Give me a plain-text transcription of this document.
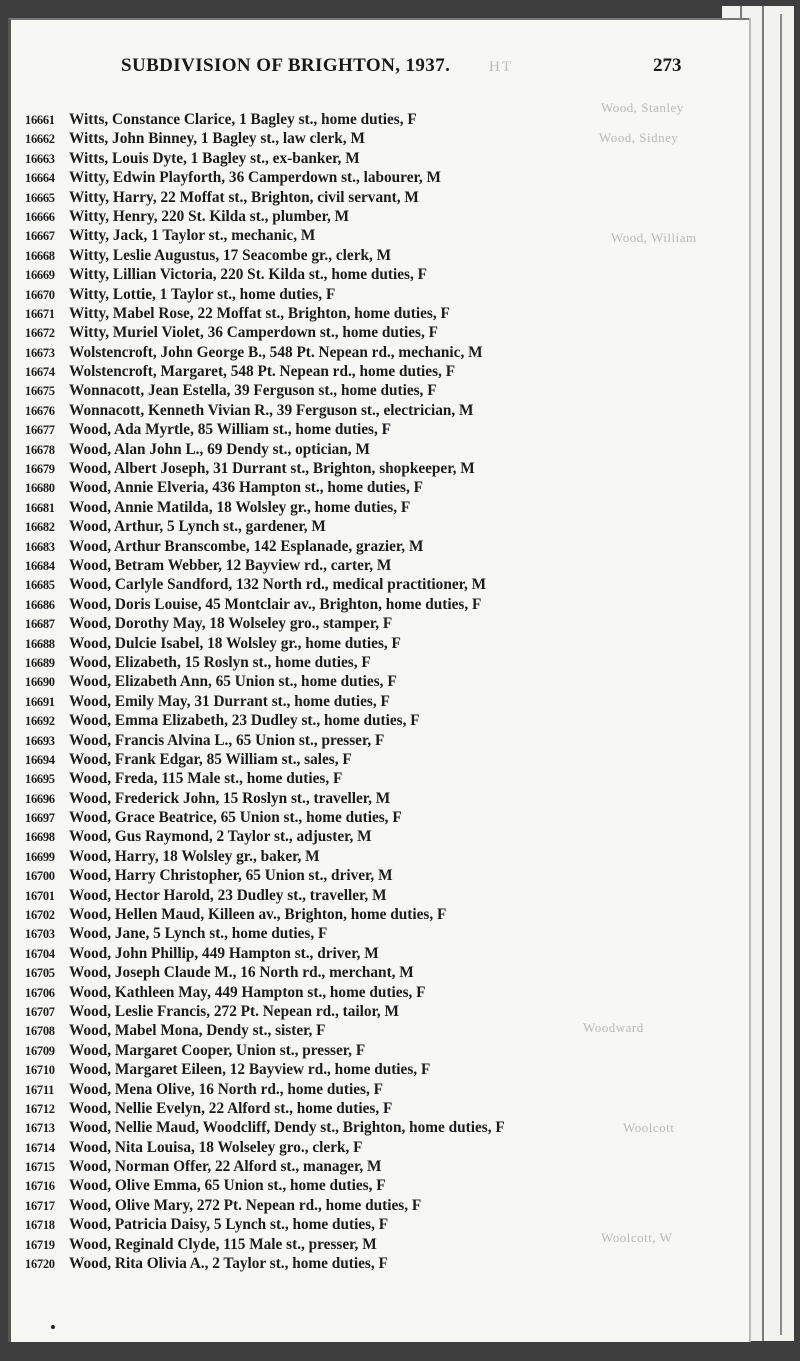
SUBDIVISION OF BRIGHTON, 1937.	HT	273
Wood, Stanley
Wood, Sidney
Wood, William
Woodward
Woolcott
Woolcott, W
16661 Witts, Constance Clarice, 1 Bagley st., home duties, F
16662 Witts, John Binney, 1 Bagley st., law clerk, M
16663 Witts, Louis Dyte, 1 Bagley st., ex-banker, M
16664 Witty, Edwin Playforth, 36 Camperdown st., labourer, M
16665 Witty, Harry, 22 Moffat st., Brighton, civil servant, M
16666 Witty, Henry, 220 St. Kilda st., plumber, M
16667 Witty, Jack, 1 Taylor st., mechanic, M
16668 Witty, Leslie Augustus, 17 Seacombe gr., clerk, M
16669 Witty, Lillian Victoria, 220 St. Kilda st., home duties, F
16670 Witty, Lottie, 1 Taylor st., home duties, F
16671 Witty, Mabel Rose, 22 Moffat st., Brighton, home duties, F
16672 Witty, Muriel Violet, 36 Camperdown st., home duties, F
16673 Wolstencroft, John George B., 548 Pt. Nepean rd., mechanic, M
16674 Wolstencroft, Margaret, 548 Pt. Nepean rd., home duties, F
16675 Wonnacott, Jean Estella, 39 Ferguson st., home duties, F
16676 Wonnacott, Kenneth Vivian R., 39 Ferguson st., electrician, M
16677 Wood, Ada Myrtle, 85 William st., home duties, F
16678 Wood, Alan John L., 69 Dendy st., optician, M
16679 Wood, Albert Joseph, 31 Durrant st., Brighton, shopkeeper, M
16680 Wood, Annie Elveria, 436 Hampton st., home duties, F
16681 Wood, Annie Matilda, 18 Wolsley gr., home duties, F
16682 Wood, Arthur, 5 Lynch st., gardener, M
16683 Wood, Arthur Branscombe, 142 Esplanade, grazier, M
16684 Wood, Betram Webber, 12 Bayview rd., carter, M
16685 Wood, Carlyle Sandford, 132 North rd., medical practitioner, M
16686 Wood, Doris Louise, 45 Montclair av., Brighton, home duties, F
16687 Wood, Dorothy May, 18 Wolseley gro., stamper, F
16688 Wood, Dulcie Isabel, 18 Wolsley gr., home duties, F
16689 Wood, Elizabeth, 15 Roslyn st., home duties, F
16690 Wood, Elizabeth Ann, 65 Union st., home duties, F
16691 Wood, Emily May, 31 Durrant st., home duties, F
16692 Wood, Emma Elizabeth, 23 Dudley st., home duties, F
16693 Wood, Francis Alvina L., 65 Union st., presser, F
16694 Wood, Frank Edgar, 85 William st., sales, F
16695 Wood, Freda, 115 Male st., home duties, F
16696 Wood, Frederick John, 15 Roslyn st., traveller, M
16697 Wood, Grace Beatrice, 65 Union st., home duties, F
16698 Wood, Gus Raymond, 2 Taylor st., adjuster, M
16699 Wood, Harry, 18 Wolsley gr., baker, M
16700 Wood, Harry Christopher, 65 Union st., driver, M
16701 Wood, Hector Harold, 23 Dudley st., traveller, M
16702 Wood, Hellen Maud, Killeen av., Brighton, home duties, F
16703 Wood, Jane, 5 Lynch st., home duties, F
16704 Wood, John Phillip, 449 Hampton st., driver, M
16705 Wood, Joseph Claude M., 16 North rd., merchant, M
16706 Wood, Kathleen May, 449 Hampton st., home duties, F
16707 Wood, Leslie Francis, 272 Pt. Nepean rd., tailor, M
16708 Wood, Mabel Mona, Dendy st., sister, F
16709 Wood, Margaret Cooper, Union st., presser, F
16710 Wood, Margaret Eileen, 12 Bayview rd., home duties, F
16711 Wood, Mena Olive, 16 North rd., home duties, F
16712 Wood, Nellie Evelyn, 22 Alford st., home duties, F
16713 Wood, Nellie Maud, Woodcliff, Dendy st., Brighton, home duties, F
16714 Wood, Nita Louisa, 18 Wolseley gro., clerk, F
16715 Wood, Norman Offer, 22 Alford st., manager, M
16716 Wood, Olive Emma, 65 Union st., home duties, F
16717 Wood, Olive Mary, 272 Pt. Nepean rd., home duties, F
16718 Wood, Patricia Daisy, 5 Lynch st., home duties, F
16719 Wood, Reginald Clyde, 115 Male st., presser, M
16720 Wood, Rita Olivia A., 2 Taylor st., home duties, F
